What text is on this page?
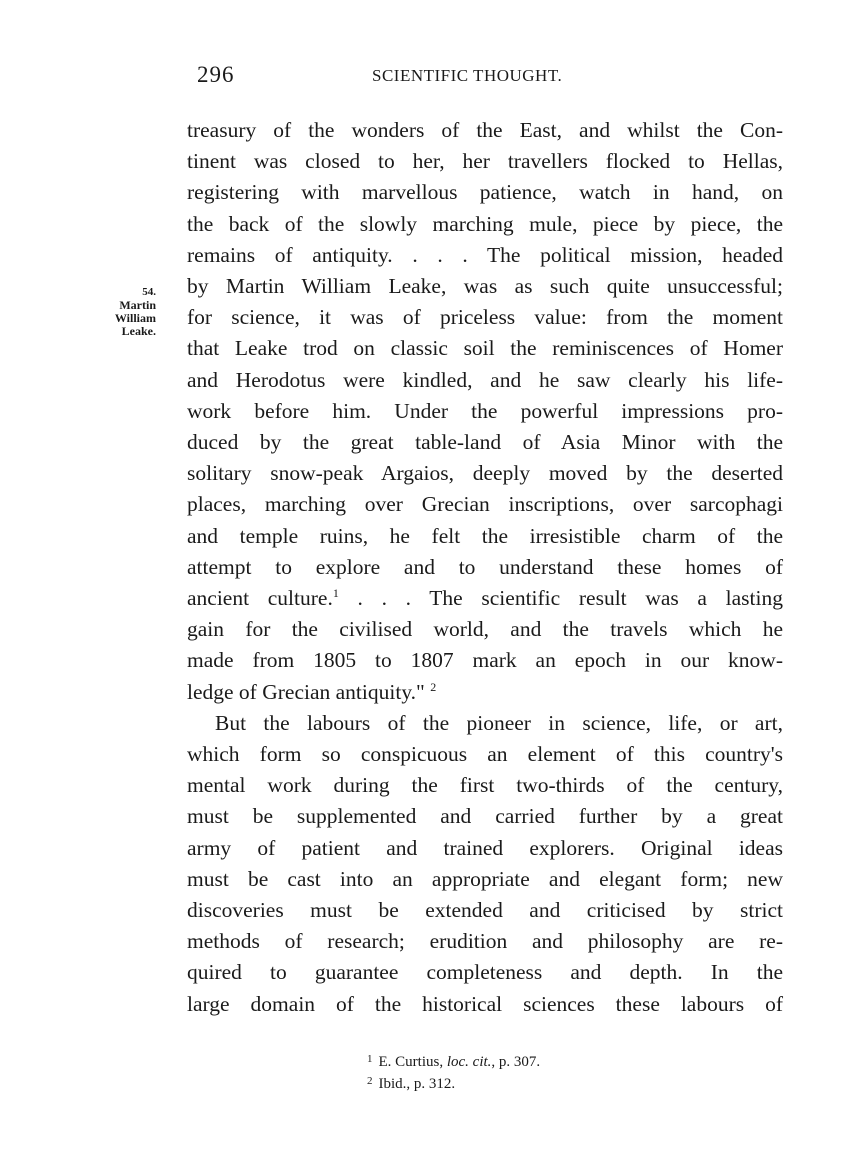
296	SCIENTIFIC THOUGHT.
54.
Martin
William
Leake.
treasury of the wonders of the East, and whilst the Con-
tinent was closed to her, her travellers flocked to Hellas,
registering with marvellous patience, watch in hand, on
the back of the slowly marching mule, piece by piece, the
remains of antiquity. . . . The political mission, headed
by Martin William Leake, was as such quite unsuccessful;
for science, it was of priceless value: from the moment
that Leake trod on classic soil the reminiscences of Homer
and Herodotus were kindled, and he saw clearly his life-
work before him. Under the powerful impressions pro-
duced by the great table-land of Asia Minor with the
solitary snow-peak Argaios, deeply moved by the deserted
places, marching over Grecian inscriptions, over sarcophagi
and temple ruins, he felt the irresistible charm of the
attempt to explore and to understand these homes of
ancient culture.$^1$ . . . The scientific result was a lasting
gain for the civilised world, and the travels which he
made from 1805 to 1807 mark an epoch in our know-
ledge of Grecian antiquity." $^2$
But the labours of the pioneer in science, life, or art,
which form so conspicuous an element of this country's
mental work during the first two-thirds of the century,
must be supplemented and carried further by a great
army of patient and trained explorers. Original ideas
must be cast into an appropriate and elegant form; new
discoveries must be extended and criticised by strict
methods of research; erudition and philosophy are re-
quired to guarantee completeness and depth. In the
large domain of the historical sciences these labours of
$^1$ E. Curtius, loc. cit., p. 307.
$^2$ Ibid., p. 312.
